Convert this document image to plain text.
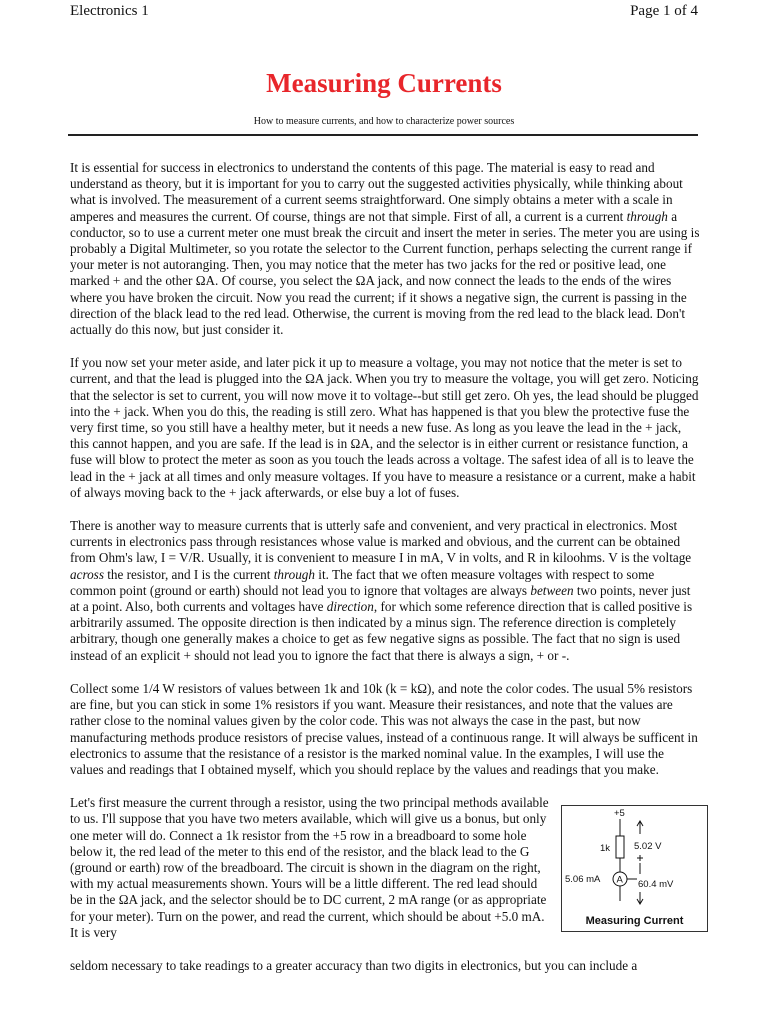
Electronics 1	Page 1 of 4
Measuring Currents
How to measure currents, and how to characterize power sources

It is essential for success in electronics to understand the contents of this page. The material is easy to read and understand as theory, but it is important for you to carry out the suggested activities physically, while thinking about what is involved. The measurement of a current seems straightforward. One simply obtains a meter with a scale in amperes and measures the current. Of course, things are not that simple. First of all, a current is a current through a conductor, so to use a current meter one must break the circuit and insert the meter in series. The meter you are using is probably a Digital Multimeter, so you rotate the selector to the Current function, perhaps selecting the current range if your meter is not autoranging. Then, you may notice that the meter has two jacks for the red or positive lead, one marked + and the other ΩA. Of course, you select the ΩA jack, and now connect the leads to the ends of the wires where you have broken the circuit. Now you read the current; if it shows a negative sign, the current is passing in the direction of the black lead to the red lead. Otherwise, the current is moving from the red lead to the black lead. Don't actually do this now, but just consider it.

If you now set your meter aside, and later pick it up to measure a voltage, you may not notice that the meter is set to current, and that the lead is plugged into the ΩA jack. When you try to measure the voltage, you will get zero. Noticing that the selector is set to current, you will now move it to voltage--but still get zero. Oh yes, the lead should be plugged into the + jack. When you do this, the reading is still zero. What has happened is that you blew the protective fuse the very first time, so you still have a healthy meter, but it needs a new fuse. As long as you leave the lead in the + jack, this cannot happen, and you are safe. If the lead is in ΩA, and the selector is in either current or resistance function, a fuse will blow to protect the meter as soon as you touch the leads across a voltage. The safest idea of all is to leave the lead in the + jack at all times and only measure voltages. If you have to measure a resistance or a current, make a habit of always moving back to the + jack afterwards, or else buy a lot of fuses.

There is another way to measure currents that is utterly safe and convenient, and very practical in electronics. Most currents in electronics pass through resistances whose value is marked and obvious, and the current can be obtained from Ohm's law, I = V/R. Usually, it is convenient to measure I in mA, V in volts, and R in kiloohms. V is the voltage across the resistor, and I is the current through it. The fact that we often measure voltages with respect to some common point (ground or earth) should not lead you to ignore that voltages are always between two points, never just at a point. Also, both currents and voltages have direction, for which some reference direction that is called positive is arbitrarily assumed. The opposite direction is then indicated by a minus sign. The reference direction is completely arbitrary, though one generally makes a choice to get as few negative signs as possible. The fact that no sign is used instead of an explicit + should not lead you to ignore the fact that there is always a sign, + or -.

Collect some 1/4 W resistors of values between 1k and 10k (k = kΩ), and note the color codes. The usual 5% resistors are fine, but you can stick in some 1% resistors if you want. Measure their resistances, and note that the values are rather close to the nominal values given by the color code. This was not always the case in the past, but now manufacturing methods produce resistors of precise values, instead of a continuous range. It will always be sufficent in electronics to assume that the resistance of a resistor is the marked nominal value. In the examples, I will use the values and readings that I obtained myself, which you should replace by the values and readings that you make.

Let's first measure the current through a resistor, using the two principal methods available to us. I'll suppose that you have two meters available, which will give us a bonus, but only one meter will do. Connect a 1k resistor from the +5 row in a breadboard to some hole below it, the red lead of the meter to this end of the resistor, and the black lead to the G (ground or earth) row of the breadboard. The circuit is shown in the diagram on the right, with my actual measurements shown. Yours will be a little different. The red lead should be in the ΩA jack, and the selector should be to DC current, 2 mA range (or as appropriate for your meter). Turn on the power, and read the current, which should be about +5.0 mA. It is very

seldom necessary to take readings to a greater accuracy than two digits in electronics, but you can include a

+5
1k
A
5.06 mA
5.02 V
60.4 mV
Measuring Current
